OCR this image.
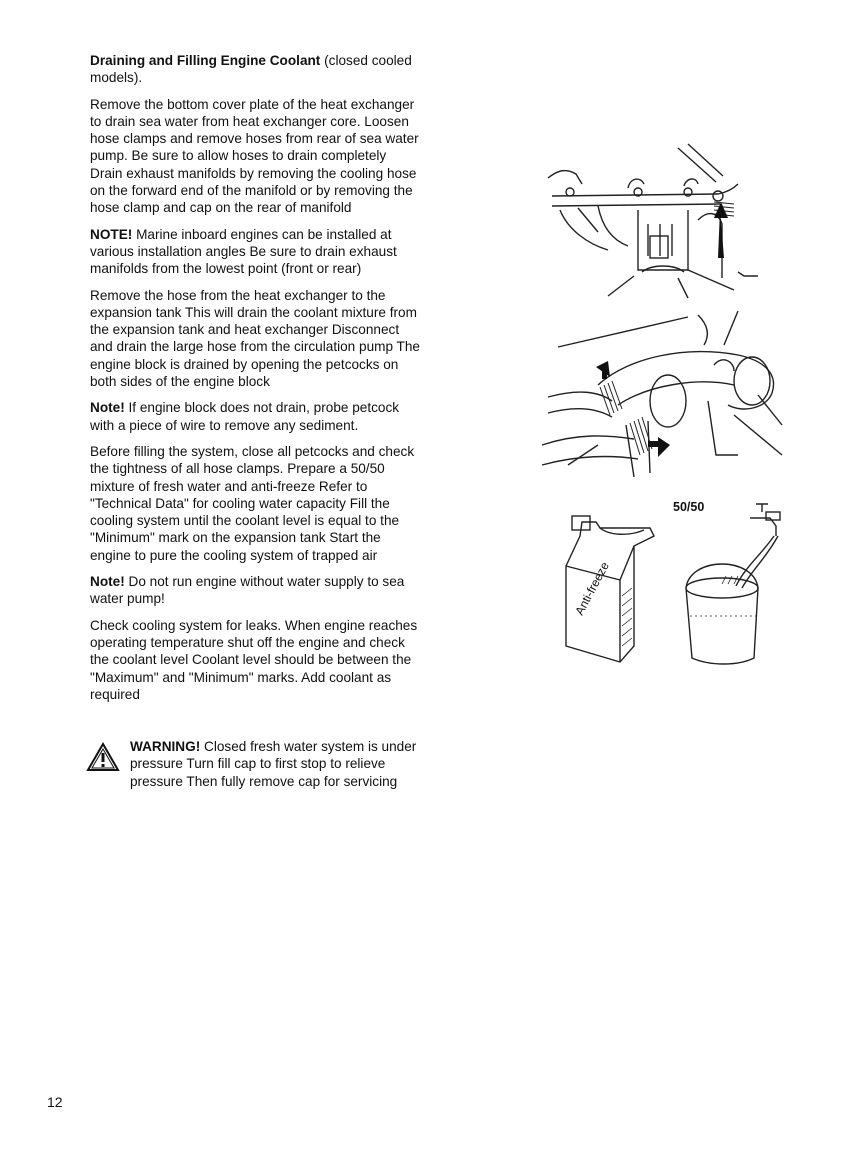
Draining and Filling Engine Coolant (closed cooled models).

Remove the bottom cover plate of the heat exchanger to drain sea water from heat exchanger core. Loosen hose clamps and remove hoses from rear of sea water pump. Be sure to allow hoses to drain completely Drain exhaust manifolds by removing the cooling hose on the forward end of the manifold or by removing the hose clamp and cap on the rear of manifold

NOTE! Marine inboard engines can be installed at various installation angles Be sure to drain exhaust manifolds from the lowest point (front or rear)

Remove the hose from the heat exchanger to the expansion tank This will drain the coolant mixture from the expansion tank and heat exchanger Disconnect and drain the large hose from the circulation pump The engine block is drained by opening the petcocks on both sides of the engine block

Note! If engine block does not drain, probe petcock with a piece of wire to remove any sediment.

Before filling the system, close all petcocks and check the tightness of all hose clamps. Prepare a 50/50 mixture of fresh water and anti-freeze Refer to "Technical Data" for cooling water capacity Fill the cooling system until the coolant level is equal to the "Minimum" mark on the expansion tank Start the engine to pure the cooling system of trapped air

Note! Do not run engine without water supply to sea water pump!

Check cooling system for leaks. When engine reaches operating temperature shut off the engine and check the coolant level Coolant level should be between the "Maximum" and "Minimum" marks. Add coolant as required

WARNING! Closed fresh water system is under pressure Turn fill cap to first stop to relieve pressure Then fully remove cap for servicing
50/50
Anti-freeze
12
